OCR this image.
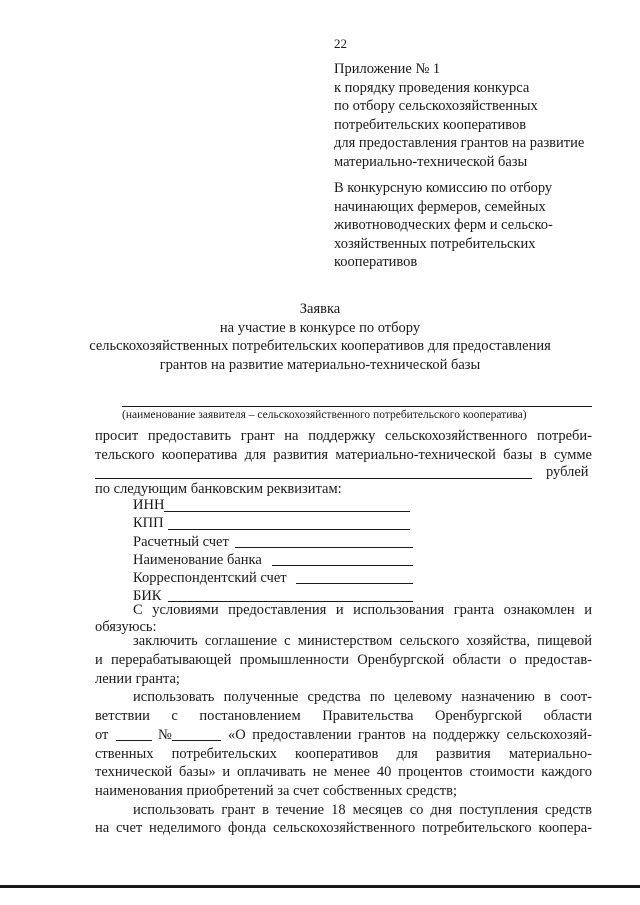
22
Приложение № 1
к порядку проведения конкурса
по отбору сельскохозяйственных
потребительских кооперативов
для предоставления грантов на развитие
материально-технической базы
В конкурсную комиссию по отбору
начинающих фермеров, семейных
животноводческих ферм и сельско-
хозяйственных потребительских
кооперативов
Заявка
на участие в конкурсе по отбору
сельскохозяйственных потребительских кооперативов для предоставления
грантов на развитие материально-технической базы
(наименование заявителя – сельскохозяйственного потребительского кооператива)
просит предоставить грант на поддержку сельскохозяйственного потреби-
тельского кооператива для развития материально-технической базы в сумме
рублей
по следующим банковским реквизитам:
ИНН
КПП
Расчетный счет
Наименование банка
Корреспондентский счет
БИК
С условиями предоставления и использования гранта ознакомлен и
обязуюсь:
заключить соглашение с министерством сельского хозяйства, пищевой
и перерабатывающей промышленности Оренбургской области о предостав-
лении гранта;
использовать полученные средства по целевому назначению в соот-
ветствии с постановлением Правительства Оренбургской области
от	№	«О предоставлении грантов на поддержку сельскохозяй-
ственных потребительских кооперативов для развития материально-
технической базы» и оплачивать не менее 40 процентов стоимости каждого
наименования приобретений за счет собственных средств;
использовать грант в течение 18 месяцев со дня поступления средств
на счет неделимого фонда сельскохозяйственного потребительского коопера-
